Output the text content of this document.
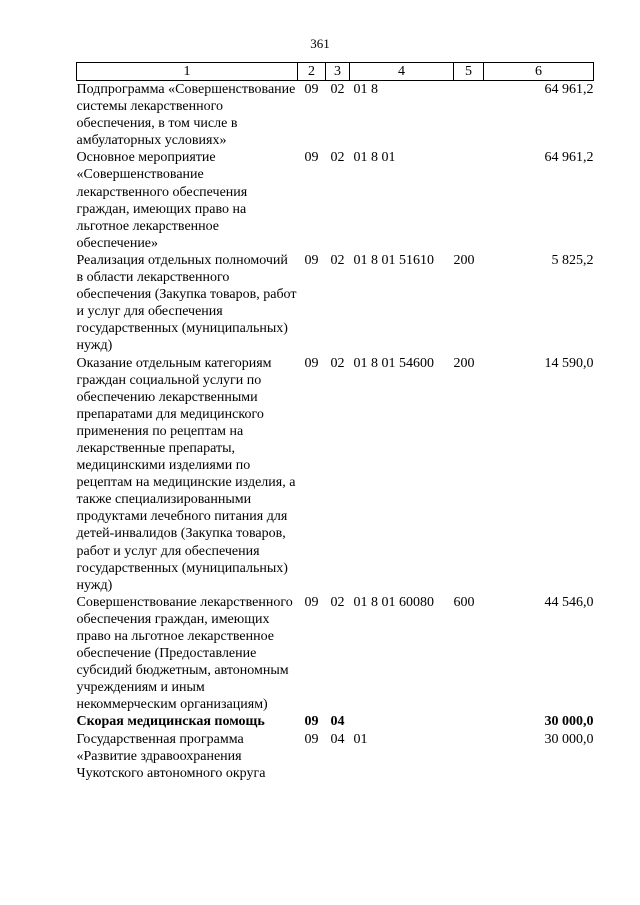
361
1	2	3	4	5	6
Подпрограмма «Совершенствование системы лекарственного обеспечения, в том числе в амбулаторных условиях»	09	02	01 8		64 961,2
Основное мероприятие «Совершенствование лекарственного обеспечения граждан, имеющих право на льготное лекарственное обеспечение»	09	02	01 8 01		64 961,2
Реализация отдельных полномочий в области лекарственного обеспечения (Закупка товаров, работ и услуг для обеспечения государственных (муниципальных) нужд)	09	02	01 8 01 51610	200	5 825,2
Оказание отдельным категориям граждан социальной услуги по обеспечению лекарственными препаратами для медицинского применения по рецептам на лекарственные препараты, медицинскими изделиями по рецептам на медицинские изделия, а также специализированными продуктами лечебного питания для детей-инвалидов (Закупка товаров, работ и услуг для обеспечения государственных (муниципальных) нужд)	09	02	01 8 01 54600	200	14 590,0
Совершенствование лекарственного обеспечения граждан, имеющих право на льготное лекарственное обеспечение (Предоставление субсидий бюджетным, автономным учреждениям и иным некоммерческим организациям)	09	02	01 8 01 60080	600	44 546,0
Скорая медицинская помощь	09	04			30 000,0
Государственная программа «Развитие здравоохранения Чукотского автономного округа	09	04	01		30 000,0
